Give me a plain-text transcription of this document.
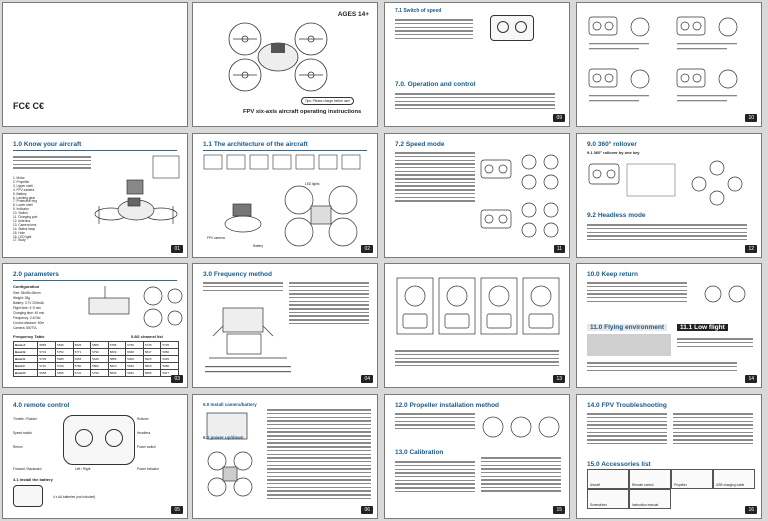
FC€ C€
AGES 14+
FPV six-axis aircraft operating instructions
Tips: Please charge before use!
7.1 Switch of speed
7.0. Operation and control
09	10
1.0 Know your aircraft
1. Motor
2. Propeller
3. Upper shell
4. FPV camera
5. Battery
6. Landing gear
7. Protective ring
8. Lower shell
9. Indicator
10. Switch
11. Charging port
12. Antenna
13. Camera lens
14. Status lamp
15. Hole
16. LED light
17. Body
01
1.1 The architecture of the aircraft
FPV camera
Battery
LED lights
02
7.2 Speed mode
11
9.0 360° rollover
9.1 360° rollover by one key
9.2 Headless mode
12
2.0 parameters
Configuration
Size: 86×86×36mm
Weight: 28g
Battery: 3.7V 200mAh
Flight time: 4~5 min
Charging time: 40 min
Frequency: 2.4GHz
Control distance: 50m
Camera: 800TVL
Frequency Table	5.8G channel list
Band A	5865	5845	5825	5805	5785	5765	5745	5725
Band B	5733	5752	5771	5790	5809	5828	5847	5866
Band E	5705	5685	5665	5645	5885	5905	5925	5945
Band F	5740	5760	5780	5800	5820	5840	5860	5880
Band R	5658	5695	5732	5769	5806	5843	5880	5917
03
3.0 Frequency method
04	13
10.0 Keep return
11.0 Flying environment	11.1 Low flight
14
4.0 remote control
Throttle / Rudder	Rollover
Speed switch	Headless
Return	Power switch
Forward / Backward	Left / Right	Power indicator
4.1 Install the battery
4 x AA batteries (not included)
05
5.0 Install camera/battery
6.0 power up/down
06
12.0 Propeller installation method
13.0 Calibration
15
14.0 FPV Troubleshooting
15.0 Accessories list
Aircraft	Remote control	Propeller	USB charging cable
Screwdriver	Instruction manual
16
